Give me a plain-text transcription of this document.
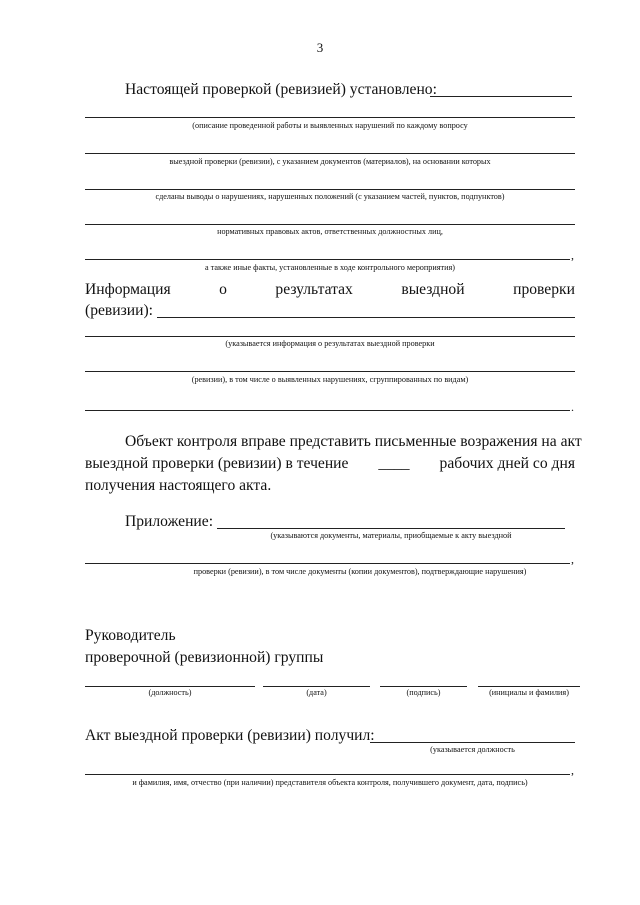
3
Настоящей проверкой (ревизией) установлено:
(описание проведенной работы и выявленных нарушений по каждому вопросу
выездной проверки (ревизии), с указанием документов (материалов), на основании которых
сделаны выводы о нарушениях, нарушенных положений (с указанием частей, пунктов, подпунктов)
нормативных правовых актов, ответственных должностных лиц,
,
а также иные факты, установленные в ходе контрольного мероприятия)
Информация	о	результатах	выездной	проверки
(ревизии):
(указывается информация о результатах выездной проверки
(ревизии), в том числе о выявленных нарушениях, сгруппированных по видам)
.
Объект контроля вправе представить письменные возражения на акт
выездной проверки (ревизии) в течение ____ рабочих дней со дня
получения настоящего акта.
Приложение:
(указываются документы, материалы, приобщаемые к акту выездной
,
проверки (ревизии), в том числе документы (копии документов), подтверждающие нарушения)
Руководитель
проверочной (ревизионной) группы
(должность)	(дата)	(подпись)	(инициалы и фамилия)
Акт выездной проверки (ревизии) получил:
(указывается должность
,
и фамилия, имя, отчество (при наличии) представителя объекта контроля, получившего документ, дата, подпись)
